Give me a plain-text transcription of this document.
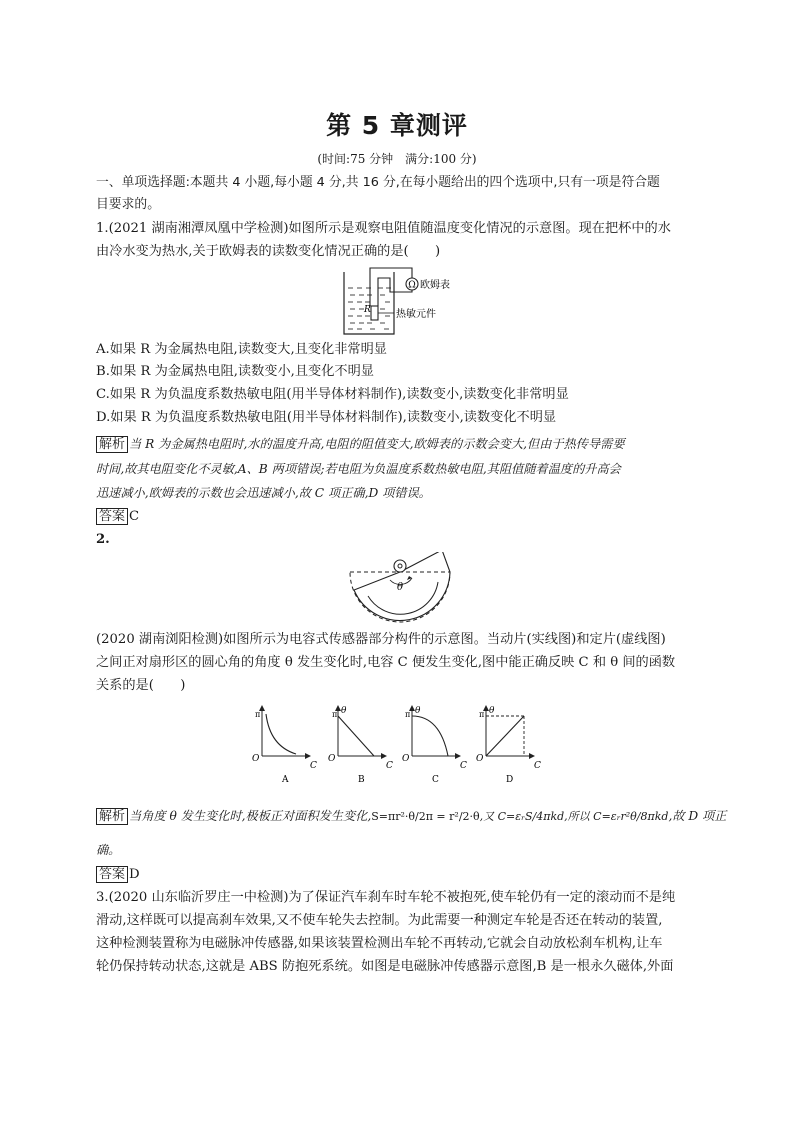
第 5 章测评

(时间:75 分钟　满分:100 分)

一、单项选择题:本题共 4 小题,每小题 4 分,共 16 分,在每小题给出的四个选项中,只有一项是符合题

目要求的。

1.(2021 湖南湘潭凤凰中学检测)如图所示是观察电阻值随温度变化情况的示意图。现在把杯中的水

由冷水变为热水,关于欧姆表的读数变化情况正确的是(　　)

Ω 欧姆表
R	热敏元件

A.如果 R 为金属热电阻,读数变大,且变化非常明显

B.如果 R 为金属热电阻,读数变小,且变化不明显

C.如果 R 为负温度系数热敏电阻(用半导体材料制作),读数变小,读数变化非常明显

D.如果 R 为负温度系数热敏电阻(用半导体材料制作),读数变小,读数变化不明显

解析 当 R 为金属热电阻时,水的温度升高,电阻的阻值变大,欧姆表的示数会变大,但由于热传导需要

时间,故其电阻变化不灵敏,A、B 两项错误;若电阻为负温度系数热敏电阻,其阻值随着温度的升高会

迅速减小,欧姆表的示数也会迅速减小,故 C 项正确,D 项错误。

答案 C

2.

θ

(2020 湖南浏阳检测)如图所示为电容式传感器部分构件的示意图。当动片(实线图)和定片(虚线图)

之间正对扇形区的圆心角的角度 θ 发生变化时,电容 C 便发生变化,图中能正确反映 C 和 θ 间的函数

关系的是(　　)

π
O
C
A
π θ
O
C
B
π θ
O
C
C
π θ
O
C
D

解析 当角度 θ 发生变化时,极板正对面积发生变化,S=πr²·θ/2π = r²/2·θ,又 C=εᵣS/4πkd,所以 C=εᵣr²θ/8πkd,故 D 项正

确。

答案 D

3.(2020 山东临沂罗庄一中检测)为了保证汽车刹车时车轮不被抱死,使车轮仍有一定的滚动而不是纯

滑动,这样既可以提高刹车效果,又不使车轮失去控制。为此需要一种测定车轮是否还在转动的装置,

这种检测装置称为电磁脉冲传感器,如果该装置检测出车轮不再转动,它就会自动放松刹车机构,让车

轮仍保持转动状态,这就是 ABS 防抱死系统。如图是电磁脉冲传感器示意图,B 是一根永久磁体,外面
